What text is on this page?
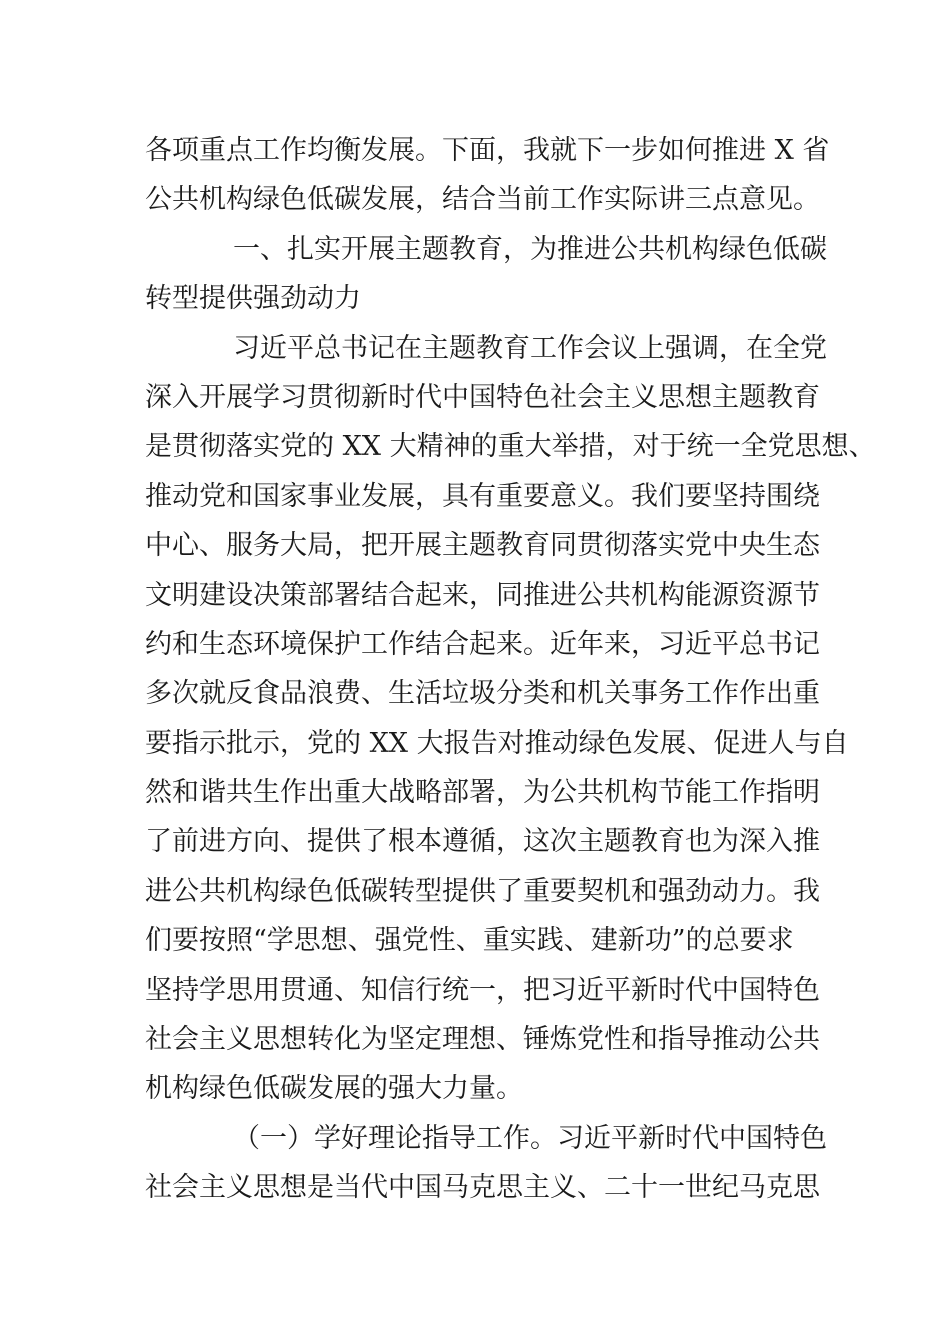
各项重点工作均衡发展。下面，我就下一步如何推进 X 省
公共机构绿色低碳发展，结合当前工作实际讲三点意见。
一、扎实开展主题教育，为推进公共机构绿色低碳
转型提供强劲动力
习近平总书记在主题教育工作会议上强调，在全党
深入开展学习贯彻新时代中国特色社会主义思想主题教育
是贯彻落实党的 XX 大精神的重大举措，对于统一全党思想、
推动党和国家事业发展，具有重要意义。我们要坚持围绕
中心、服务大局，把开展主题教育同贯彻落实党中央生态
文明建设决策部署结合起来，同推进公共机构能源资源节
约和生态环境保护工作结合起来。近年来，习近平总书记
多次就反食品浪费、生活垃圾分类和机关事务工作作出重
要指示批示，党的 XX 大报告对推动绿色发展、促进人与自
然和谐共生作出重大战略部署，为公共机构节能工作指明
了前进方向、提供了根本遵循，这次主题教育也为深入推
进公共机构绿色低碳转型提供了重要契机和强劲动力。我
们要按照“学思想、强党性、重实践、建新功”的总要求
坚持学思用贯通、知信行统一，把习近平新时代中国特色
社会主义思想转化为坚定理想、锤炼党性和指导推动公共
机构绿色低碳发展的强大力量。
（一）学好理论指导工作。习近平新时代中国特色
社会主义思想是当代中国马克思主义、二十一世纪马克思
